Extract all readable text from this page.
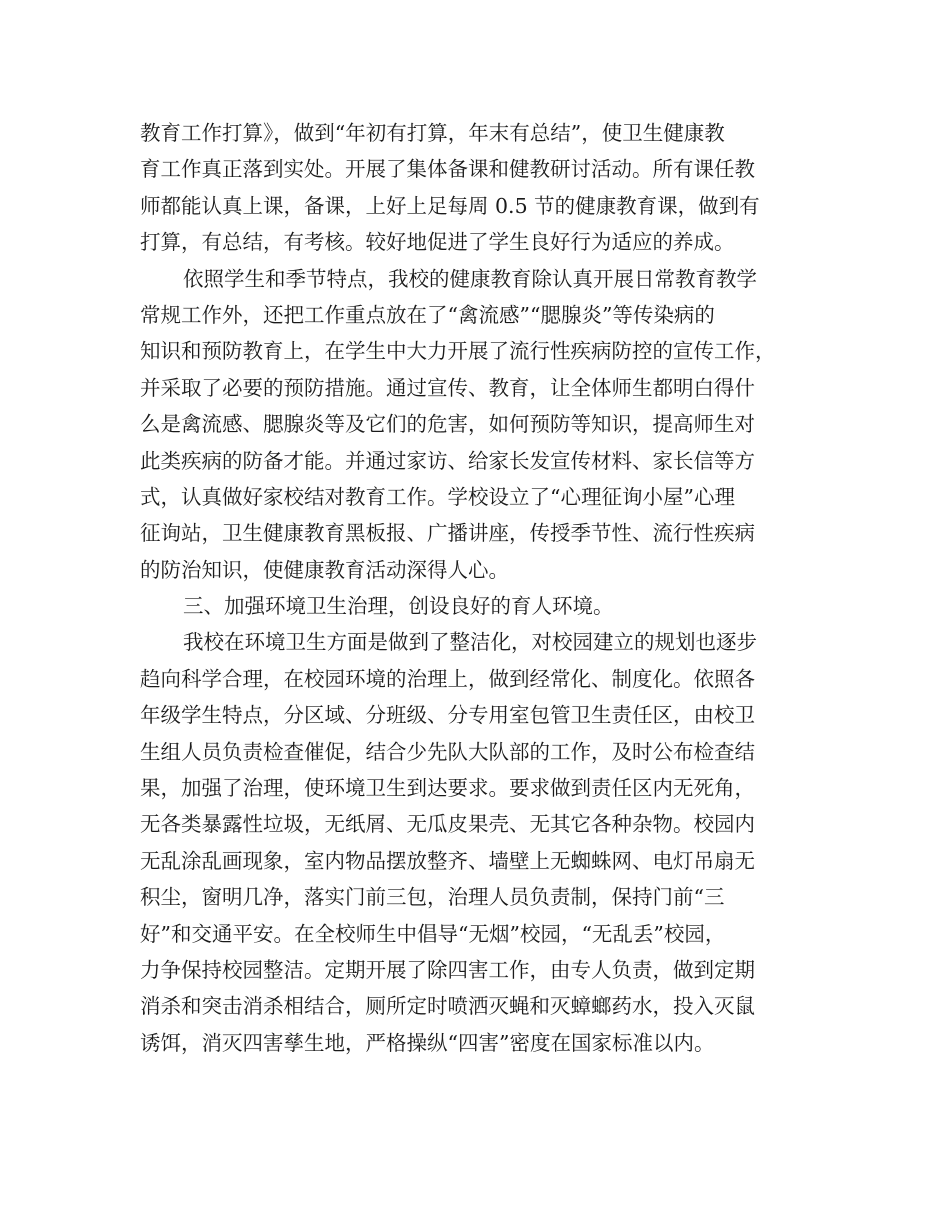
教育工作打算》，做到“年初有打算，年末有总结”，使卫生健康教
育工作真正落到实处。开展了集体备课和健教研讨活动。所有课任教
师都能认真上课，备课，上好上足每周 0.5 节的健康教育课，做到有
打算，有总结，有考核。较好地促进了学生良好行为适应的养成。
依照学生和季节特点，我校的健康教育除认真开展日常教育教学
常规工作外，还把工作重点放在了“禽流感”“腮腺炎”等传染病的
知识和预防教育上，在学生中大力开展了流行性疾病防控的宣传工作，
并采取了必要的预防措施。通过宣传、教育，让全体师生都明白得什
么是禽流感、腮腺炎等及它们的危害，如何预防等知识，提高师生对
此类疾病的防备才能。并通过家访、给家长发宣传材料、家长信等方
式，认真做好家校结对教育工作。学校设立了“心理征询小屋”心理
征询站，卫生健康教育黑板报、广播讲座，传授季节性、流行性疾病
的防治知识，使健康教育活动深得人心。
三、加强环境卫生治理，创设良好的育人环境。
我校在环境卫生方面是做到了整洁化，对校园建立的规划也逐步
趋向科学合理，在校园环境的治理上，做到经常化、制度化。依照各
年级学生特点，分区域、分班级、分专用室包管卫生责任区，由校卫
生组人员负责检查催促，结合少先队大队部的工作，及时公布检查结
果，加强了治理，使环境卫生到达要求。要求做到责任区内无死角，
无各类暴露性垃圾，无纸屑、无瓜皮果壳、无其它各种杂物。校园内
无乱涂乱画现象，室内物品摆放整齐、墙壁上无蜘蛛网、电灯吊扇无
积尘，窗明几净，落实门前三包，治理人员负责制，保持门前“三
好”和交通平安。在全校师生中倡导“无烟”校园，“无乱丢”校园，
力争保持校园整洁。定期开展了除四害工作，由专人负责，做到定期
消杀和突击消杀相结合，厕所定时喷洒灭蝇和灭蟑螂药水，投入灭鼠
诱饵，消灭四害孳生地，严格操纵“四害”密度在国家标准以内。
